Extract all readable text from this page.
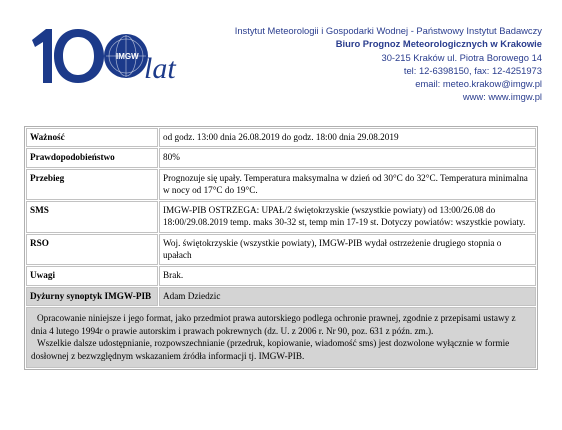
IMGW lat
Instytut Meteorologii i Gospodarki Wodnej - Państwowy Instytut Badawczy
Biuro Prognoz Meteorologicznych w Krakowie
30-215 Kraków ul. Piotra Borowego 14
tel: 12-6398150, fax: 12-4251973
email: meteo.krakow@imgw.pl
www: www.imgw.pl
Ważność	od godz. 13:00 dnia 26.08.2019 do godz. 18:00 dnia 29.08.2019
Prawdopodobieństwo	80%
Przebieg	Prognozuje się upały. Temperatura maksymalna w dzień od 30°C do 32°C. Temperatura minimalna w nocy od 17°C do 19°C.
SMS	IMGW-PIB OSTRZEGA: UPAŁ/2 świętokrzyskie (wszystkie powiaty) od 13:00/26.08 do 18:00/29.08.2019 temp. maks 30-32 st, temp min 17-19 st. Dotyczy powiatów: wszystkie powiaty.
RSO	Woj. świętokrzyskie (wszystkie powiaty), IMGW-PIB wydał ostrzeżenie drugiego stopnia o upałach
Uwagi	Brak.
Dyżurny synoptyk IMGW-PIB	Adam Dziedzic

Opracowanie niniejsze i jego format, jako przedmiot prawa autorskiego podlega ochronie prawnej, zgodnie z przepisami ustawy z dnia 4 lutego 1994r o prawie autorskim i prawach pokrewnych (dz. U. z 2006 r. Nr 90, poz. 631 z późn. zm.).

Wszelkie dalsze udostępnianie, rozpowszechnianie (przedruk, kopiowanie, wiadomość sms) jest dozwolone wyłącznie w formie dosłownej z bezwzględnym wskazaniem źródła informacji tj. IMGW-PIB.	
